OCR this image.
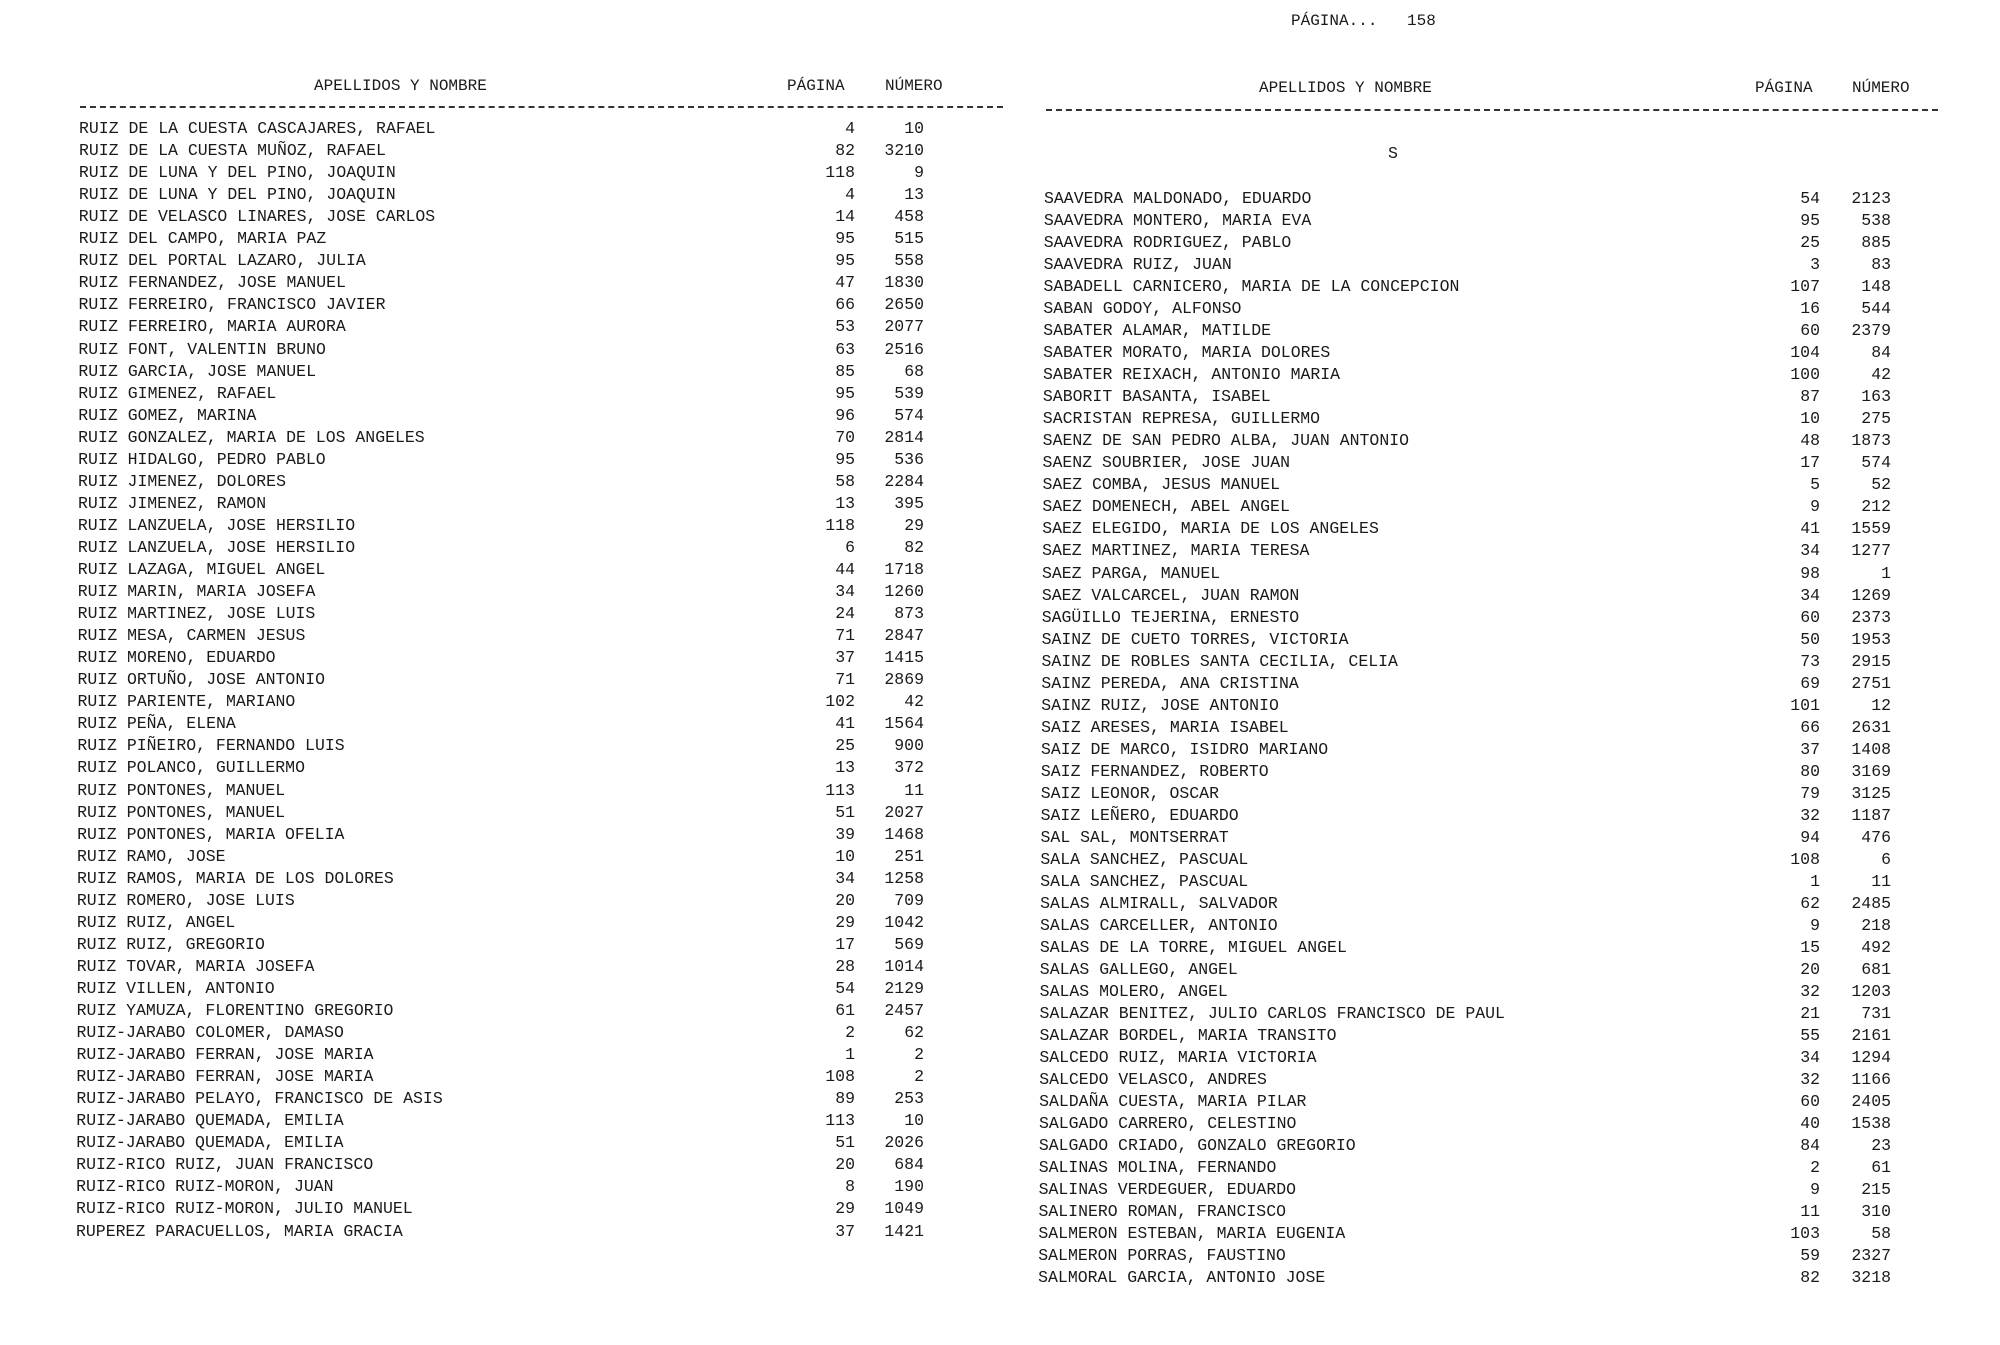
PÁGINA... 158
APELLIDOS Y NOMBRE	PÁGINA	NÚMERO
RUIZ DE LA CUESTA CASCAJARES, RAFAEL	4	10
RUIZ DE LA CUESTA MUÑOZ, RAFAEL	82	3210
RUIZ DE LUNA Y DEL PINO, JOAQUIN	118	9
RUIZ DE LUNA Y DEL PINO, JOAQUIN	4	13
RUIZ DE VELASCO LINARES, JOSE CARLOS	14	458
RUIZ DEL CAMPO, MARIA PAZ	95	515
RUIZ DEL PORTAL LAZARO, JULIA	95	558
RUIZ FERNANDEZ, JOSE MANUEL	47	1830
RUIZ FERREIRO, FRANCISCO JAVIER	66	2650
RUIZ FERREIRO, MARIA AURORA	53	2077
RUIZ FONT, VALENTIN BRUNO	63	2516
RUIZ GARCIA, JOSE MANUEL	85	68
RUIZ GIMENEZ, RAFAEL	95	539
RUIZ GOMEZ, MARINA	96	574
RUIZ GONZALEZ, MARIA DE LOS ANGELES	70	2814
RUIZ HIDALGO, PEDRO PABLO	95	536
RUIZ JIMENEZ, DOLORES	58	2284
RUIZ JIMENEZ, RAMON	13	395
RUIZ LANZUELA, JOSE HERSILIO	118	29
RUIZ LANZUELA, JOSE HERSILIO	6	82
RUIZ LAZAGA, MIGUEL ANGEL	44	1718
RUIZ MARIN, MARIA JOSEFA	34	1260
RUIZ MARTINEZ, JOSE LUIS	24	873
RUIZ MESA, CARMEN JESUS	71	2847
RUIZ MORENO, EDUARDO	37	1415
RUIZ ORTUÑO, JOSE ANTONIO	71	2869
RUIZ PARIENTE, MARIANO	102	42
RUIZ PEÑA, ELENA	41	1564
RUIZ PIÑEIRO, FERNANDO LUIS	25	900
RUIZ POLANCO, GUILLERMO	13	372
RUIZ PONTONES, MANUEL	113	11
RUIZ PONTONES, MANUEL	51	2027
RUIZ PONTONES, MARIA OFELIA	39	1468
RUIZ RAMO, JOSE	10	251
RUIZ RAMOS, MARIA DE LOS DOLORES	34	1258
RUIZ ROMERO, JOSE LUIS	20	709
RUIZ RUIZ, ANGEL	29	1042
RUIZ RUIZ, GREGORIO	17	569
RUIZ TOVAR, MARIA JOSEFA	28	1014
RUIZ VILLEN, ANTONIO	54	2129
RUIZ YAMUZA, FLORENTINO GREGORIO	61	2457
RUIZ-JARABO COLOMER, DAMASO	2	62
RUIZ-JARABO FERRAN, JOSE MARIA	1	2
RUIZ-JARABO FERRAN, JOSE MARIA	108	2
RUIZ-JARABO PELAYO, FRANCISCO DE ASIS	89	253
RUIZ-JARABO QUEMADA, EMILIA	113	10
RUIZ-JARABO QUEMADA, EMILIA	51	2026
RUIZ-RICO RUIZ, JUAN FRANCISCO	20	684
RUIZ-RICO RUIZ-MORON, JUAN	8	190
RUIZ-RICO RUIZ-MORON, JULIO MANUEL	29	1049
RUPEREZ PARACUELLOS, MARIA GRACIA	37	1421
APELLIDOS Y NOMBRE	PÁGINA NÚMERO
S
SAAVEDRA MALDONADO, EDUARDO	54	2123
SAAVEDRA MONTERO, MARIA EVA	95	538
SAAVEDRA RODRIGUEZ, PABLO	25	885
SAAVEDRA RUIZ, JUAN	3	83
SABADELL CARNICERO, MARIA DE LA CONCEPCION	107	148
SABAN GODOY, ALFONSO	16	544
SABATER ALAMAR, MATILDE	60	2379
SABATER MORATO, MARIA DOLORES	104	84
SABATER REIXACH, ANTONIO MARIA	100	42
SABORIT BASANTA, ISABEL	87	163
SACRISTAN REPRESA, GUILLERMO	10	275
SAENZ DE SAN PEDRO ALBA, JUAN ANTONIO	48	1873
SAENZ SOUBRIER, JOSE JUAN	17	574
SAEZ COMBA, JESUS MANUEL	5	52
SAEZ DOMENECH, ABEL ANGEL	9	212
SAEZ ELEGIDO, MARIA DE LOS ANGELES	41	1559
SAEZ MARTINEZ, MARIA TERESA	34	1277
SAEZ PARGA, MANUEL	98	1
SAEZ VALCARCEL, JUAN RAMON	34	1269
SAGÜILLO TEJERINA, ERNESTO	60	2373
SAINZ DE CUETO TORRES, VICTORIA	50	1953
SAINZ DE ROBLES SANTA CECILIA, CELIA	73	2915
SAINZ PEREDA, ANA CRISTINA	69	2751
SAINZ RUIZ, JOSE ANTONIO	101	12
SAIZ ARESES, MARIA ISABEL	66	2631
SAIZ DE MARCO, ISIDRO MARIANO	37	1408
SAIZ FERNANDEZ, ROBERTO	80	3169
SAIZ LEONOR, OSCAR	79	3125
SAIZ LEÑERO, EDUARDO	32	1187
SAL SAL, MONTSERRAT	94	476
SALA SANCHEZ, PASCUAL	108	6
SALA SANCHEZ, PASCUAL	1	11
SALAS ALMIRALL, SALVADOR	62	2485
SALAS CARCELLER, ANTONIO	9	218
SALAS DE LA TORRE, MIGUEL ANGEL	15	492
SALAS GALLEGO, ANGEL	20	681
SALAS MOLERO, ANGEL	32	1203
SALAZAR BENITEZ, JULIO CARLOS FRANCISCO DE PAUL	21	731
SALAZAR BORDEL, MARIA TRANSITO	55	2161
SALCEDO RUIZ, MARIA VICTORIA	34	1294
SALCEDO VELASCO, ANDRES	32	1166
SALDAÑA CUESTA, MARIA PILAR	60	2405
SALGADO CARRERO, CELESTINO	40	1538
SALGADO CRIADO, GONZALO GREGORIO	84	23
SALINAS MOLINA, FERNANDO	2	61
SALINAS VERDEGUER, EDUARDO	9	215
SALINERO ROMAN, FRANCISCO	11	310
SALMERON ESTEBAN, MARIA EUGENIA	103	58
SALMERON PORRAS, FAUSTINO	59	2327
SALMORAL GARCIA, ANTONIO JOSE	82	3218
